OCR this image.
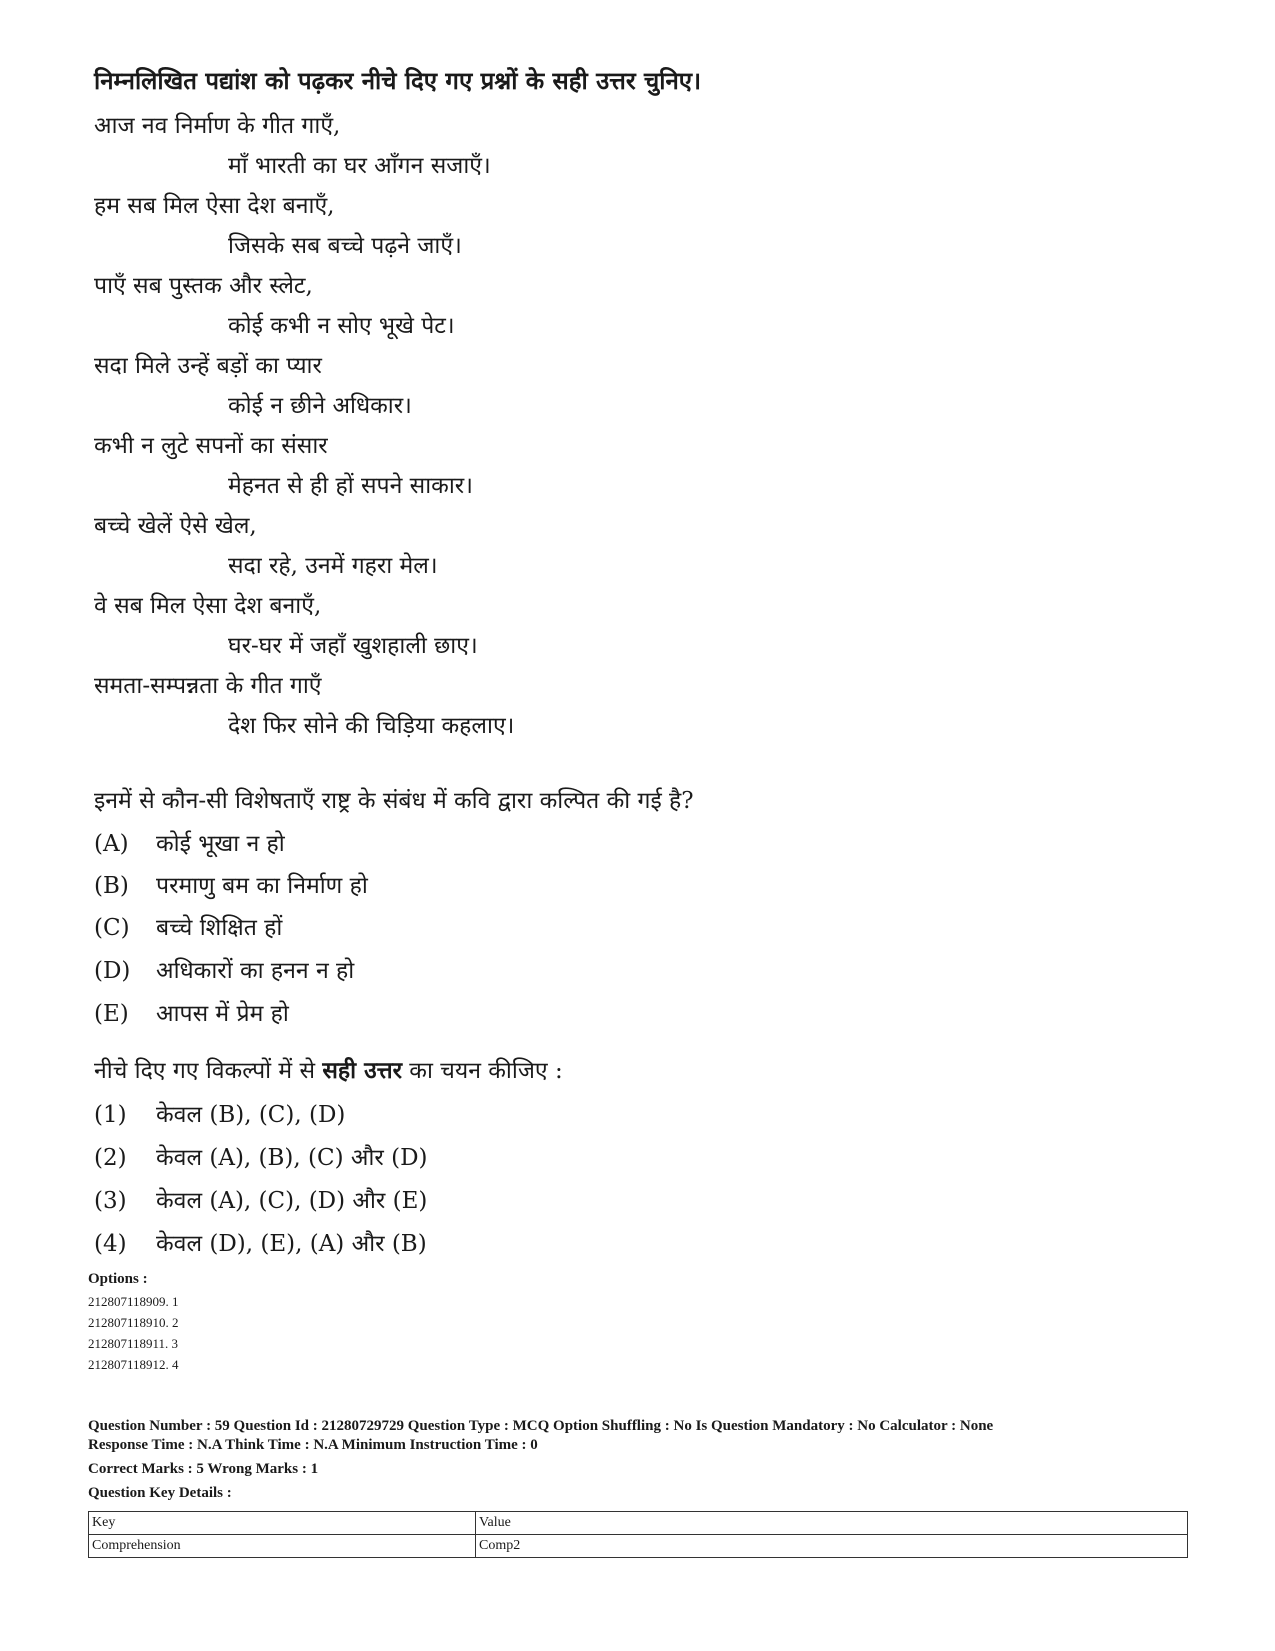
निम्नलिखित पद्यांश को पढ़कर नीचे दिए गए प्रश्नों के सही उत्तर चुनिए।
आज नव निर्माण के गीत गाएँ,
माँ भारती का घर आँगन सजाएँ।
हम सब मिल ऐसा देश बनाएँ,
जिसके सब बच्चे पढ़ने जाएँ।
पाएँ सब पुस्तक और स्लेट,
कोई कभी न सोए भूखे पेट।
सदा मिले उन्हें बड़ों का प्यार
कोई न छीने अधिकार।
कभी न लुटे सपनों का संसार
मेहनत से ही हों सपने साकार।
बच्चे खेलें ऐसे खेल,
सदा रहे, उनमें गहरा मेल।
वे सब मिल ऐसा देश बनाएँ,
घर-घर में जहाँ खुशहाली छाए।
समता-सम्पन्नता के गीत गाएँ
देश फिर सोने की चिड़िया कहलाए।
इनमें से कौन-सी विशेषताएँ राष्ट्र के संबंध में कवि द्वारा कल्पित की गई है?
(A) कोई भूखा न हो
(B) परमाणु बम का निर्माण हो
(C) बच्चे शिक्षित हों
(D) अधिकारों का हनन न हो
(E) आपस में प्रेम हो
नीचे दिए गए विकल्पों में से सही उत्तर का चयन कीजिए :
(1) केवल (B), (C), (D)
(2) केवल (A), (B), (C) और (D)
(3) केवल (A), (C), (D) और (E)
(4) केवल (D), (E), (A) और (B)
Options :
212807118909. 1
212807118910. 2
212807118911. 3
212807118912. 4
Question Number : 59 Question Id : 21280729729 Question Type : MCQ Option Shuffling : No Is Question Mandatory : No Calculator : None
Response Time : N.A Think Time : N.A Minimum Instruction Time : 0
Correct Marks : 5 Wrong Marks : 1
Question Key Details :
Key	Value
Comprehension	Comp2
